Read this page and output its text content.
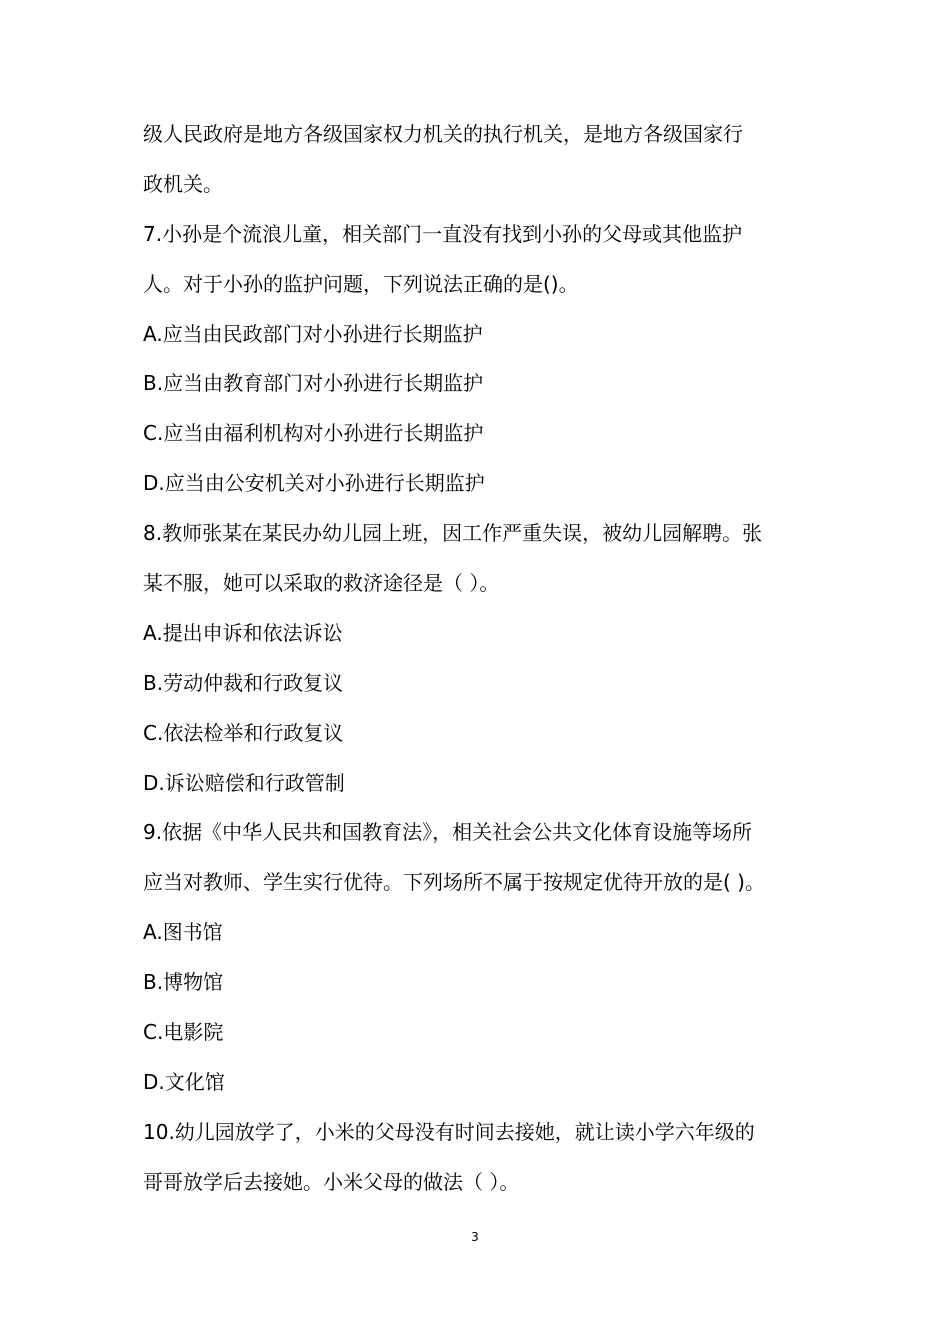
级人民政府是地方各级国家权力机关的执行机关，是地方各级国家行
政机关。
7.小孙是个流浪儿童，相关部门一直没有找到小孙的父母或其他监护
人。对于小孙的监护问题，下列说法正确的是()。
A.应当由民政部门对小孙进行长期监护
B.应当由教育部门对小孙进行长期监护
C.应当由福利机构对小孙进行长期监护
D.应当由公安机关对小孙进行长期监护
8.教师张某在某民办幼儿园上班，因工作严重失误，被幼儿园解聘。张
某不服，她可以采取的救济途径是（ ）。
A.提出申诉和依法诉讼
B.劳动仲裁和行政复议
C.依法检举和行政复议
D.诉讼赔偿和行政管制
9.依据《中华人民共和国教育法》，相关社会公共文化体育设施等场所
应当对教师、学生实行优待。下列场所不属于按规定优待开放的是( )。
A.图书馆
B.博物馆
C.电影院
D.文化馆
10.幼儿园放学了，小米的父母没有时间去接她，就让读小学六年级的
哥哥放学后去接她。小米父母的做法（ ）。
3
